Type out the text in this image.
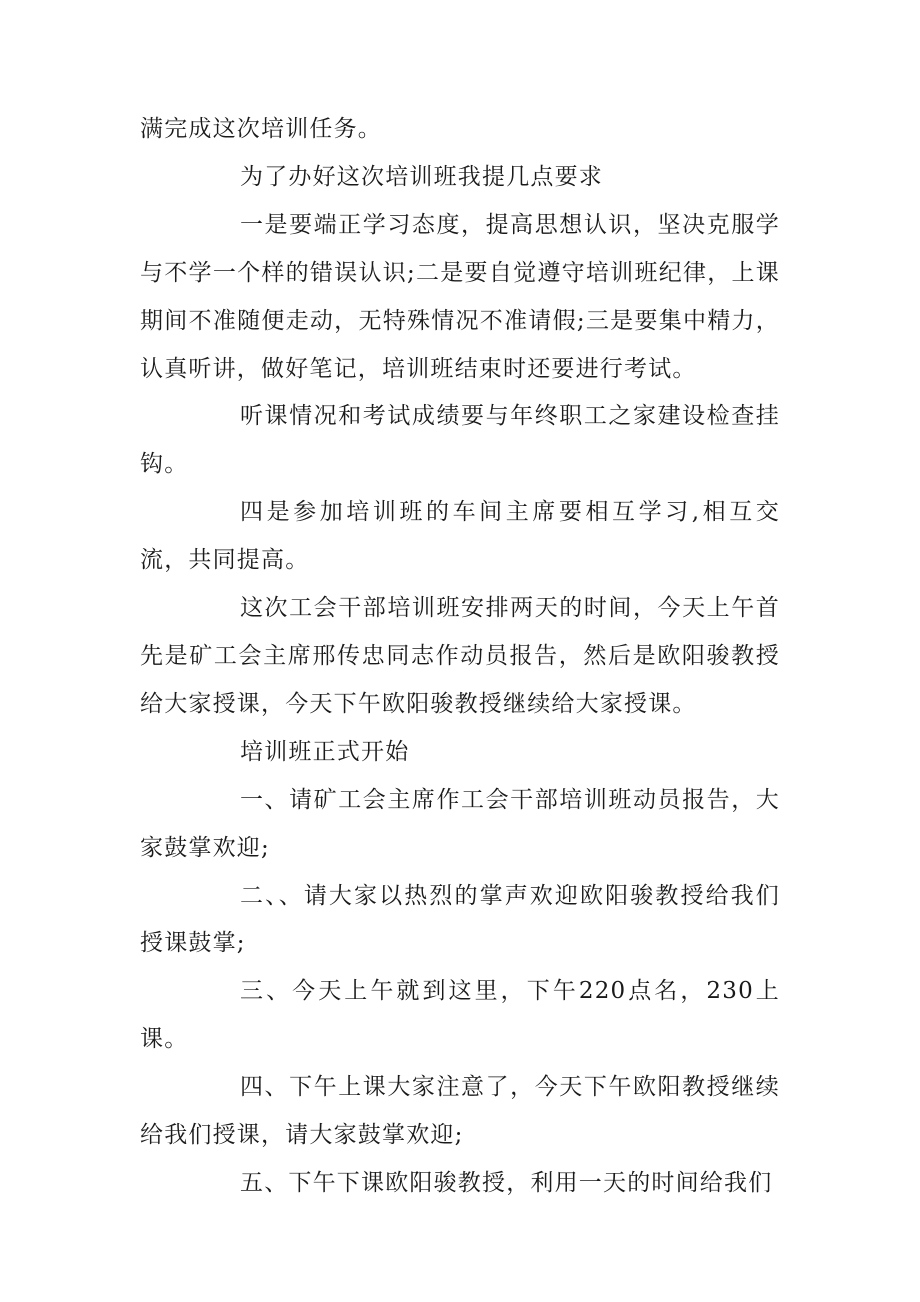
满完成这次培训任务。

为了办好这次培训班我提几点要求

一是要端正学习态度，提高思想认识，坚决克服学与不学一个样的错误认识;二是要自觉遵守培训班纪律，上课期间不准随便走动，无特殊情况不准请假;三是要集中精力，认真听讲，做好笔记，培训班结束时还要进行考试。

听课情况和考试成绩要与年终职工之家建设检查挂钩。

四是参加培训班的车间主席要相互学习,相互交流，共同提高。

这次工会干部培训班安排两天的时间，今天上午首先是矿工会主席邢传忠同志作动员报告，然后是欧阳骏教授给大家授课，今天下午欧阳骏教授继续给大家授课。

培训班正式开始

一、请矿工会主席作工会干部培训班动员报告，大家鼓掌欢迎;

二、、请大家以热烈的掌声欢迎欧阳骏教授给我们授课鼓掌;

三、今天上午就到这里，下午220点名，230上课。

四、下午上课大家注意了，今天下午欧阳教授继续给我们授课，请大家鼓掌欢迎;

五、下午下课欧阳骏教授，利用一天的时间给我们
